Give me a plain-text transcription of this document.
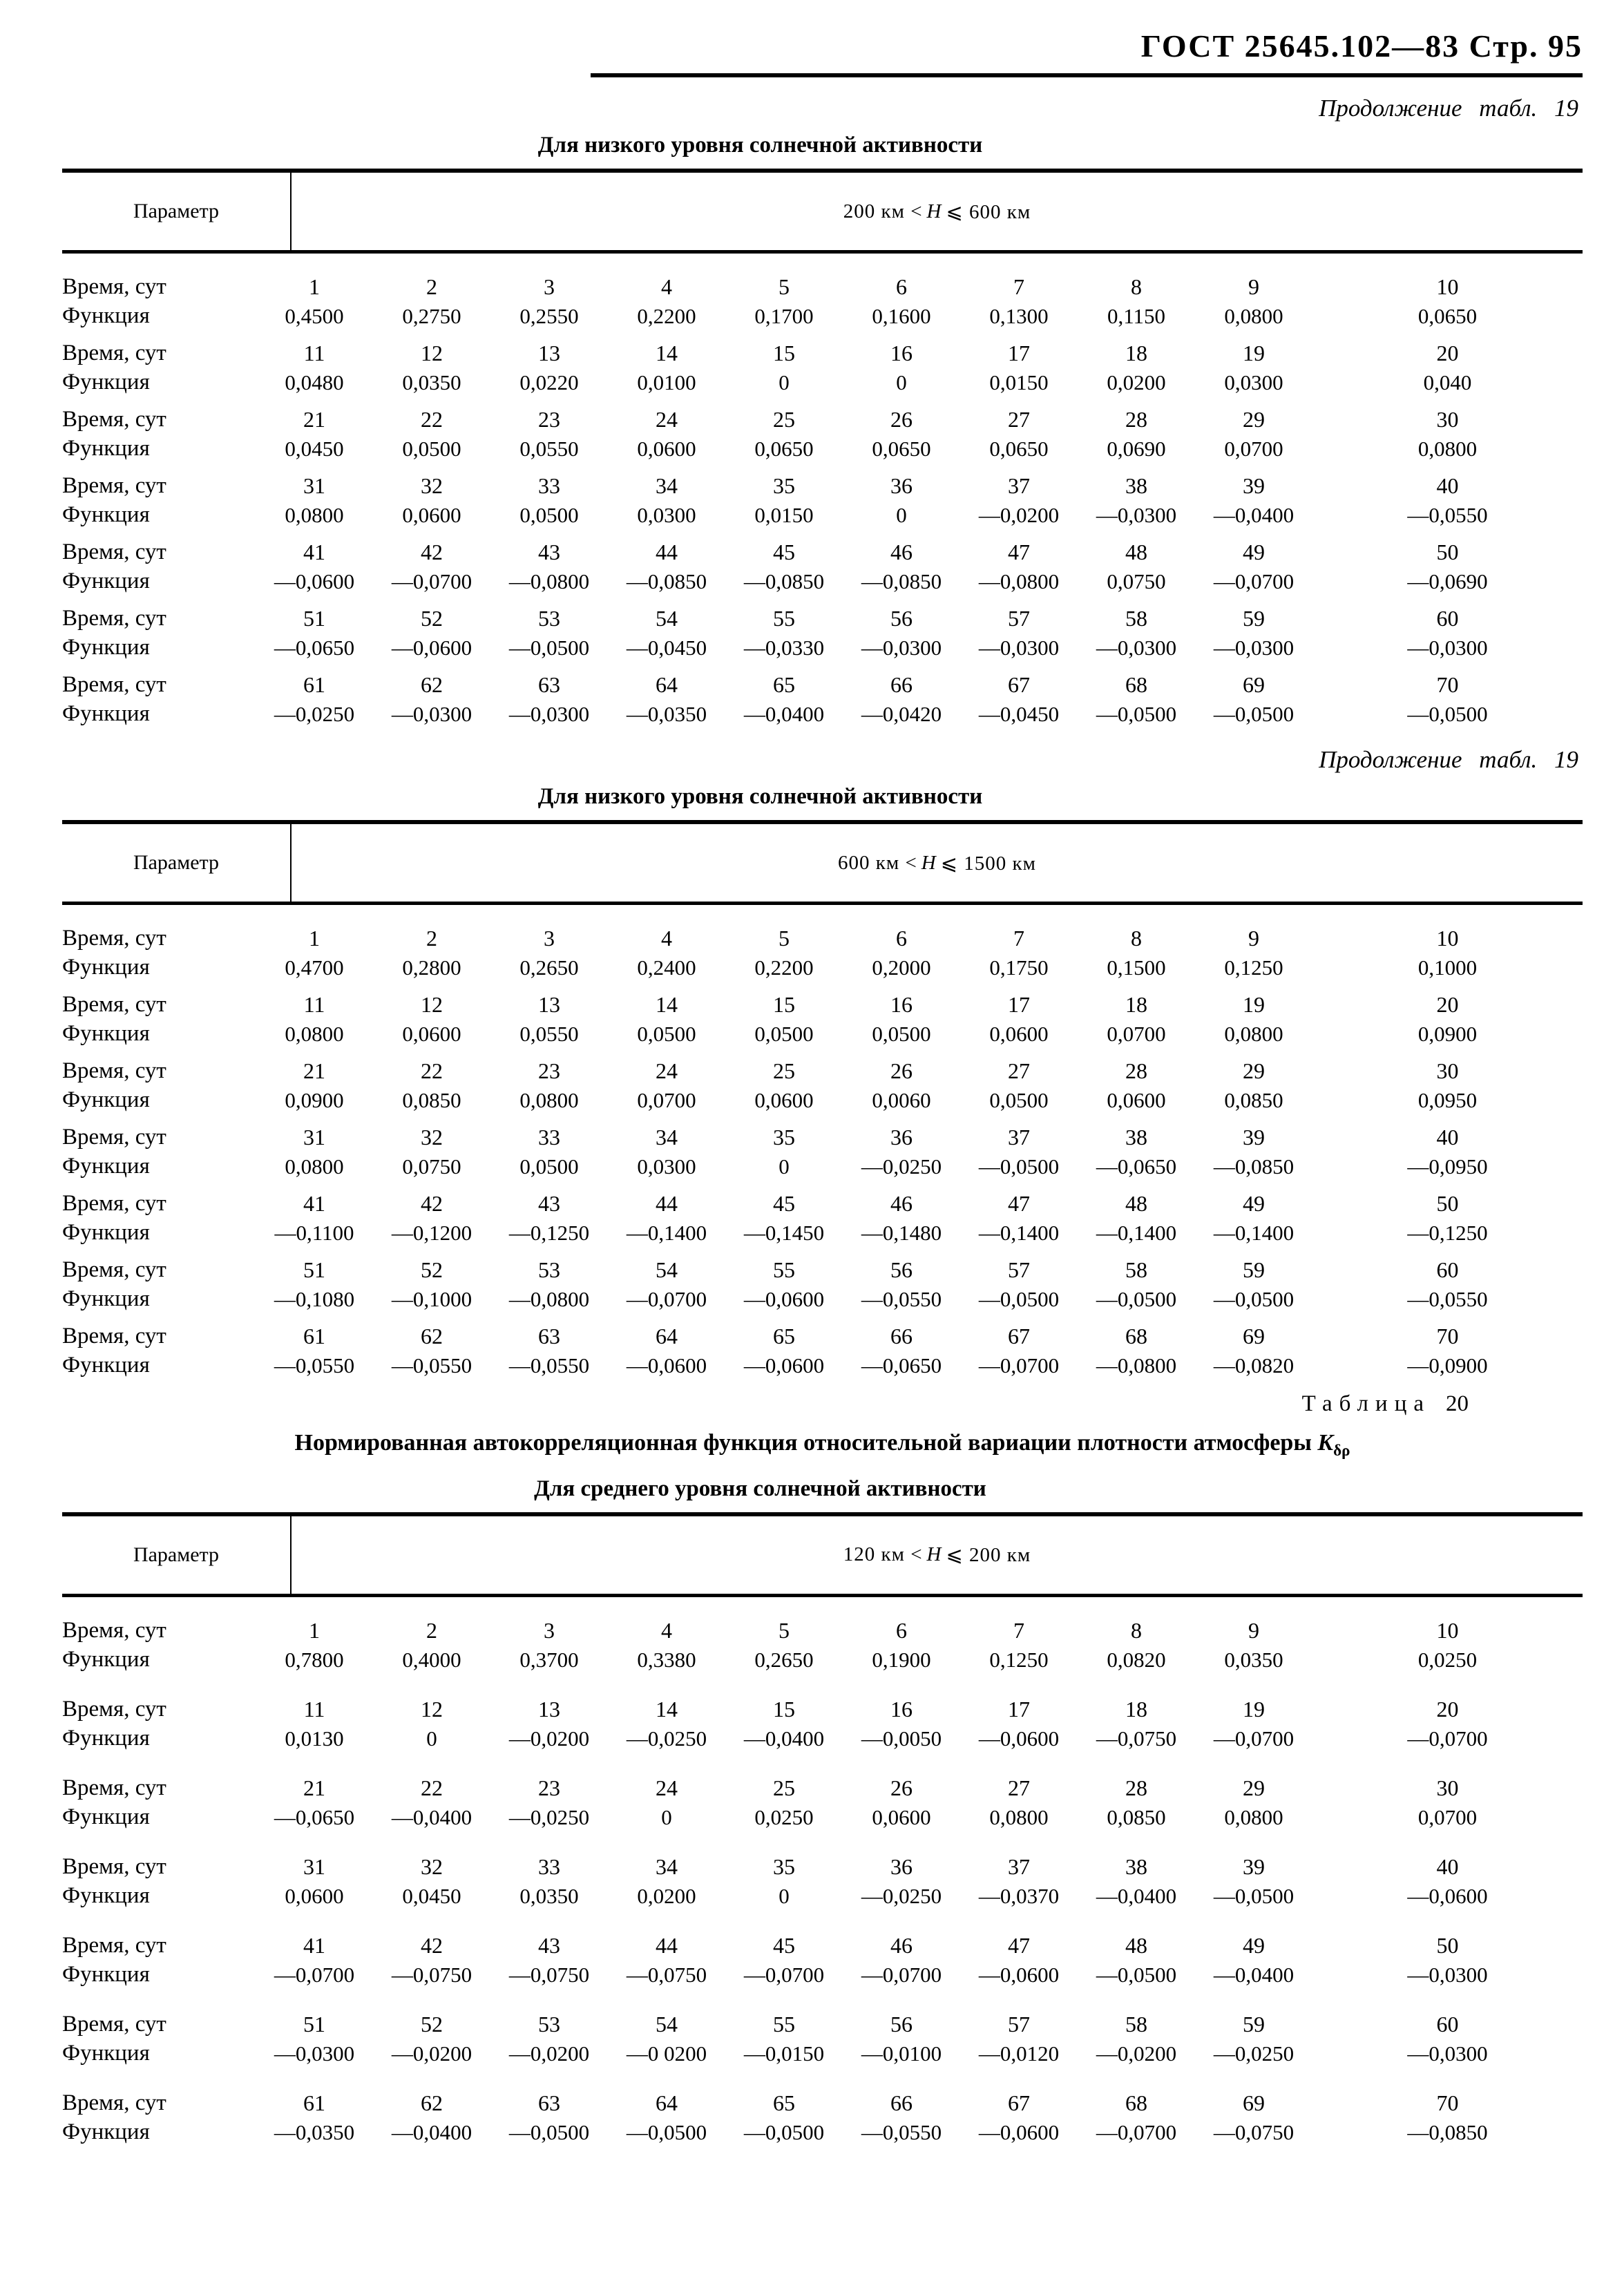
ГОСТ 25645.102—83 Стр. 95
Продолжение табл. 19
Для низкого уровня солнечной активности
Параметр	200 км < H ⩽ 600 км
Время, сут	1	2	3	4	5	6	7	8	9	10
Функция	0,4500	0,2750	0,2550	0,2200	0,1700	0,1600	0,1300	0,1150	0,0800	0,0650
Время, сут	11	12	13	14	15	16	17	18	19	20
Функция	0,0480	0,0350	0,0220	0,0100	0	0	0,0150	0,0200	0,0300	0,040
Время, сут	21	22	23	24	25	26	27	28	29	30
Функция	0,0450	0,0500	0,0550	0,0600	0,0650	0,0650	0,0650	0,0690	0,0700	0,0800
Время, сут	31	32	33	34	35	36	37	38	39	40
Функция	0,0800	0,0600	0,0500	0,0300	0,0150	0	—0,0200	—0,0300	—0,0400	—0,0550
Время, сут	41	42	43	44	45	46	47	48	49	50
Функция	—0,0600	—0,0700	—0,0800	—0,0850	—0,0850	—0,0850	—0,0800	0,0750	—0,0700	—0,0690
Время, сут	51	52	53	54	55	56	57	58	59	60
Функция	—0,0650	—0,0600	—0,0500	—0,0450	—0,0330	—0,0300	—0,0300	—0,0300	—0,0300	—0,0300
Время, сут	61	62	63	64	65	66	67	68	69	70
Функция	—0,0250	—0,0300	—0,0300	—0,0350	—0,0400	—0,0420	—0,0450	—0,0500	—0,0500	—0,0500
Продолжение табл. 19
Для низкого уровня солнечной активности
Параметр	600 км < H ⩽ 1500 км
Время, сут	1	2	3	4	5	6	7	8	9	10
Функция	0,4700	0,2800	0,2650	0,2400	0,2200	0,2000	0,1750	0,1500	0,1250	0,1000
Время, сут	11	12	13	14	15	16	17	18	19	20
Функция	0,0800	0,0600	0,0550	0,0500	0,0500	0,0500	0,0600	0,0700	0,0800	0,0900
Время, сут	21	22	23	24	25	26	27	28	29	30
Функция	0,0900	0,0850	0,0800	0,0700	0,0600	0,0060	0,0500	0,0600	0,0850	0,0950
Время, сут	31	32	33	34	35	36	37	38	39	40
Функция	0,0800	0,0750	0,0500	0,0300	0	—0,0250	—0,0500	—0,0650	—0,0850	—0,0950
Время, сут	41	42	43	44	45	46	47	48	49	50
Функция	—0,1100	—0,1200	—0,1250	—0,1400	—0,1450	—0,1480	—0,1400	—0,1400	—0,1400	—0,1250
Время, сут	51	52	53	54	55	56	57	58	59	60
Функция	—0,1080	—0,1000	—0,0800	—0,0700	—0,0600	—0,0550	—0,0500	—0,0500	—0,0500	—0,0550
Время, сут	61	62	63	64	65	66	67	68	69	70
Функция	—0,0550	—0,0550	—0,0550	—0,0600	—0,0600	—0,0650	—0,0700	—0,0800	—0,0820	—0,0900
Таблица 20
Нормированная автокорреляционная функция относительной вариации плотности атмосферы $K_{\delta\rho}$
Для среднего уровня солнечной активности
Параметр	120 км < H ⩽ 200 км
Время, сут	1	2	3	4	5	6	7	8	9	10
Функция	0,7800	0,4000	0,3700	0,3380	0,2650	0,1900	0,1250	0,0820	0,0350	0,0250
Время, сут	11	12	13	14	15	16	17	18	19	20
Функция	0,0130	0	—0,0200	—0,0250	—0,0400	—0,0050	—0,0600	—0,0750	—0,0700	—0,0700
Время, сут	21	22	23	24	25	26	27	28	29	30
Функция	—0,0650	—0,0400	—0,0250	0	0,0250	0,0600	0,0800	0,0850	0,0800	0,0700
Время, сут	31	32	33	34	35	36	37	38	39	40
Функция	0,0600	0,0450	0,0350	0,0200	0	—0,0250	—0,0370	—0,0400	—0,0500	—0,0600
Время, сут	41	42	43	44	45	46	47	48	49	50
Функция	—0,0700	—0,0750	—0,0750	—0,0750	—0,0700	—0,0700	—0,0600	—0,0500	—0,0400	—0,0300
Время, сут	51	52	53	54	55	56	57	58	59	60
Функция	—0,0300	—0,0200	—0,0200	—0 0200	—0,0150	—0,0100	—0,0120	—0,0200	—0,0250	—0,0300
Время, сут	61	62	63	64	65	66	67	68	69	70
Функция	—0,0350	—0,0400	—0,0500	—0,0500	—0,0500	—0,0550	—0,0600	—0,0700	—0,0750	—0,0850
